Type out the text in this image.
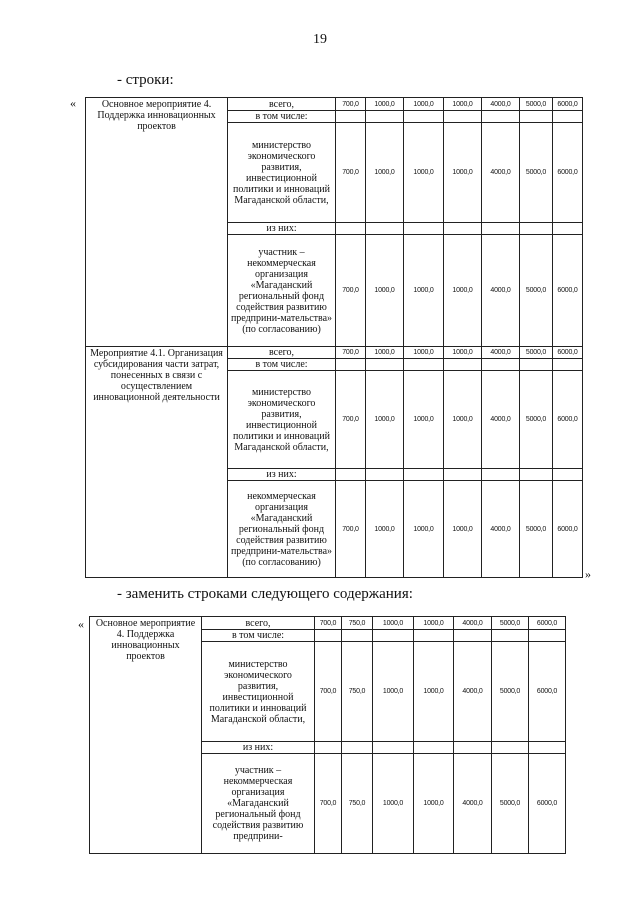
19
- строки:
«	Основное мероприятие 4. Поддержка инновационных проектов	всего,	700,0	1000,0	1000,0	1000,0	4000,0	5000,0	6000,0
	в том числе:							
	министерство экономического развития, инвестиционной политики и инноваций Магаданской области,	700,0	1000,0	1000,0	1000,0	4000,0	5000,0	6000,0
	из них:							
	участник – некоммерческая организация «Магаданский региональный фонд содействия развитию предприни-мательства» (по согласованию)	700,0	1000,0	1000,0	1000,0	4000,0	5000,0	6000,0
Мероприятие 4.1. Организация субсидирования части затрат, понесенных в связи с осуществлением инновационной деятельности	всего,	700,0	1000,0	1000,0	1000,0	4000,0	5000,0	6000,0
	в том числе:							
	министерство экономического развития, инвестиционной политики и инноваций Магаданской области,	700,0	1000,0	1000,0	1000,0	4000,0	5000,0	6000,0
	из них:							
	некоммерческая организация «Магаданский региональный фонд содействия развитию предприни-мательства» (по согласованию)	700,0	1000,0	1000,0	1000,0	4000,0	5000,0	6000,0
»
- заменить строками следующего содержания:
« Основное мероприятие 4. Поддержка инновационных проектов	всего,	700,0	750,0	1000,0	1000,0	4000,0	5000,0	6000,0
	в том числе:							
	министерство экономического развития, инвестиционной политики и инноваций Магаданской области,	700,0	750,0	1000,0	1000,0	4000,0	5000,0	6000,0
	из них:							
	участник – некоммерческая организация «Магаданский региональный фонд содействия развитию предприни-	700,0	750,0	1000,0	1000,0	4000,0	5000,0	6000,0
